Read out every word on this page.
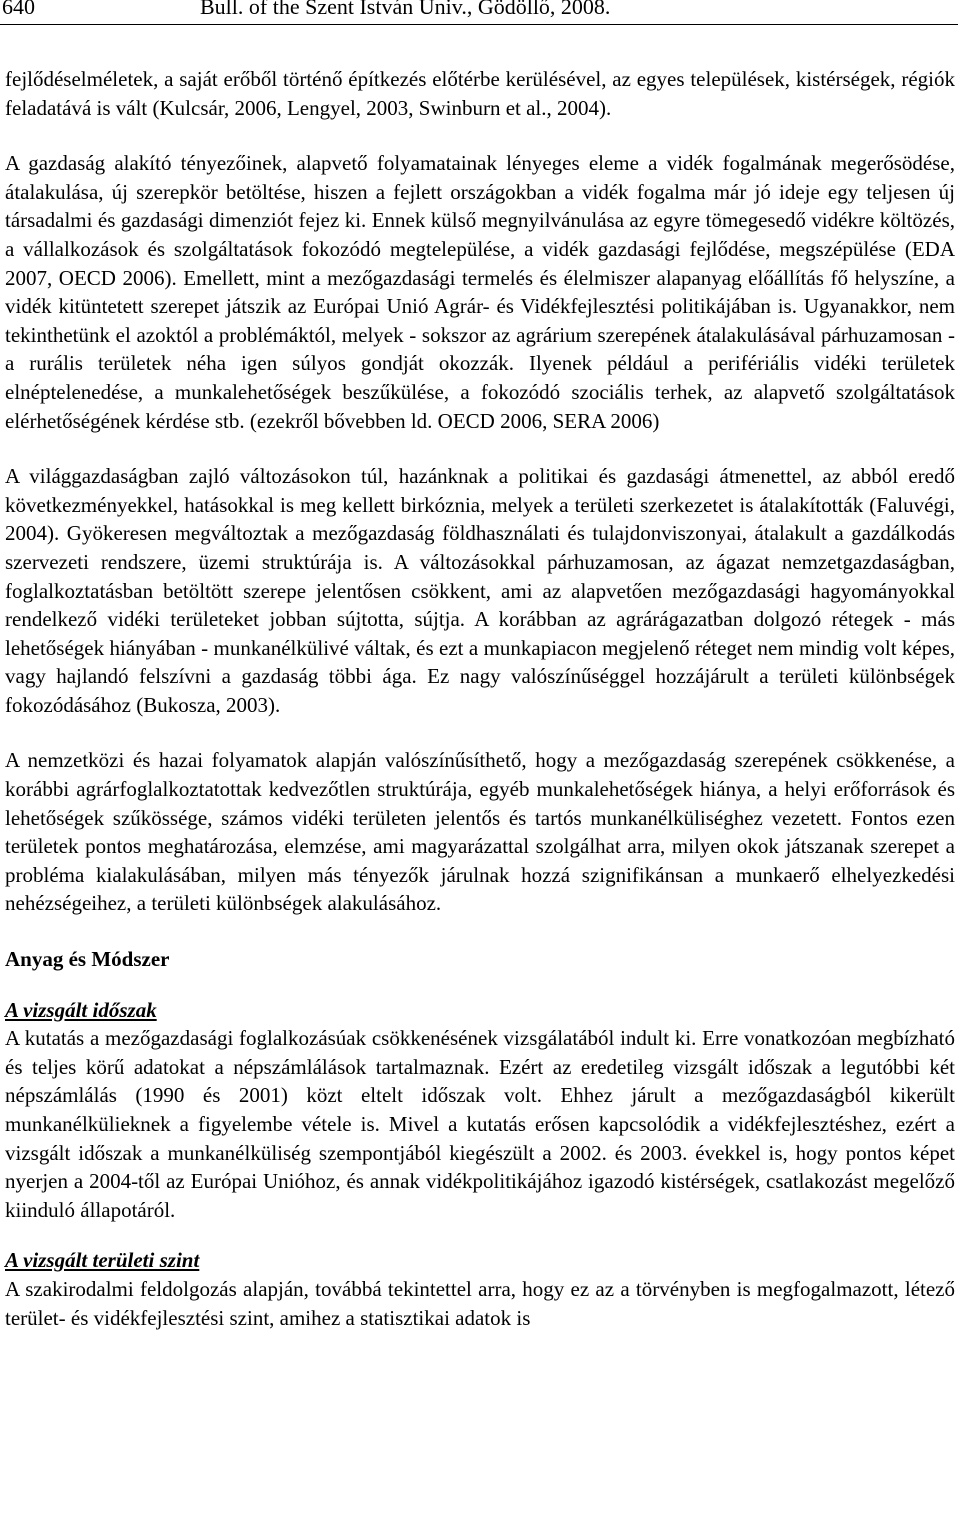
640	Bull. of the Szent István Univ., Gödöllő, 2008.

fejlődéselméletek, a saját erőből történő építkezés előtérbe kerülésével, az egyes települések, kistérségek, régiók feladatává is vált (Kulcsár, 2006, Lengyel, 2003, Swinburn et al., 2004).

A gazdaság alakító tényezőinek, alapvető folyamatainak lényeges eleme a vidék fogalmának megerősödése, átalakulása, új szerepkör betöltése, hiszen a fejlett országokban a vidék fogalma már jó ideje egy teljesen új társadalmi és gazdasági dimenziót fejez ki. Ennek külső megnyilvánulása az egyre tömegesedő vidékre költözés, a vállalkozások és szolgáltatások fokozódó megtelepülése, a vidék gazdasági fejlődése, megszépülése (EDA 2007, OECD 2006). Emellett, mint a mezőgazdasági termelés és élelmiszer alapanyag előállítás fő helyszíne, a vidék kitüntetett szerepet játszik az Európai Unió Agrár- és Vidékfejlesztési politikájában is. Ugyanakkor, nem tekinthetünk el azoktól a problémáktól, melyek - sokszor az agrárium szerepének átalakulásával párhuzamosan - a rurális területek néha igen súlyos gondját okozzák. Ilyenek például a perifériális vidéki területek elnéptelenedése, a munkalehetőségek beszűkülése, a fokozódó szociális terhek, az alapvető szolgáltatások elérhetőségének kérdése stb. (ezekről bővebben ld. OECD 2006, SERA 2006)

A világgazdaságban zajló változásokon túl, hazánknak a politikai és gazdasági átmenettel, az abból eredő következményekkel, hatásokkal is meg kellett birkóznia, melyek a területi szerkezetet is átalakították (Faluvégi, 2004). Gyökeresen megváltoztak a mezőgazdaság földhasználati és tulajdonviszonyai, átalakult a gazdálkodás szervezeti rendszere, üzemi struktúrája is. A változásokkal párhuzamosan, az ágazat nemzetgazdaságban, foglalkoztatásban betöltött szerepe jelentősen csökkent, ami az alapvetően mezőgazdasági hagyományokkal rendelkező vidéki területeket jobban sújtotta, sújtja. A korábban az agrárágazatban dolgozó rétegek - más lehetőségek hiányában - munkanélkülivé váltak, és ezt a munkapiacon megjelenő réteget nem mindig volt képes, vagy hajlandó felszívni a gazdaság többi ága. Ez nagy valószínűséggel hozzájárult a területi különbségek fokozódásához (Bukosza, 2003).

A nemzetközi és hazai folyamatok alapján valószínűsíthető, hogy a mezőgazdaság szerepének csökkenése, a korábbi agrárfoglalkoztatottak kedvezőtlen struktúrája, egyéb munkalehetőségek hiánya, a helyi erőforrások és lehetőségek szűkössége, számos vidéki területen jelentős és tartós munkanélküliséghez vezetett. Fontos ezen területek pontos meghatározása, elemzése, ami magyarázattal szolgálhat arra, milyen okok játszanak szerepet a probléma kialakulásában, milyen más tényezők járulnak hozzá szignifikánsan a munkaerő elhelyezkedési nehézségeihez, a területi különbségek alakulásához.

Anyag és Módszer
A vizsgált időszak

A kutatás a mezőgazdasági foglalkozásúak csökkenésének vizsgálatából indult ki. Erre vonatkozóan megbízható és teljes körű adatokat a népszámlálások tartalmaznak. Ezért az eredetileg vizsgált időszak a legutóbbi két népszámlálás (1990 és 2001) közt eltelt időszak volt. Ehhez járult a mezőgazdaságból kikerült munkanélkülieknek a figyelembe vétele is. Mivel a kutatás erősen kapcsolódik a vidékfejlesztéshez, ezért a vizsgált időszak a munkanélküliség szempontjából kiegészült a 2002. és 2003. évekkel is, hogy pontos képet nyerjen a 2004-től az Európai Unióhoz, és annak vidékpolitikájához igazodó kistérségek, csatlakozást megelőző kiinduló állapotáról.

A vizsgált területi szint

A szakirodalmi feldolgozás alapján, továbbá tekintettel arra, hogy ez az a törvényben is megfogalmazott, létező terület- és vidékfejlesztési szint, amihez a statisztikai adatok is
